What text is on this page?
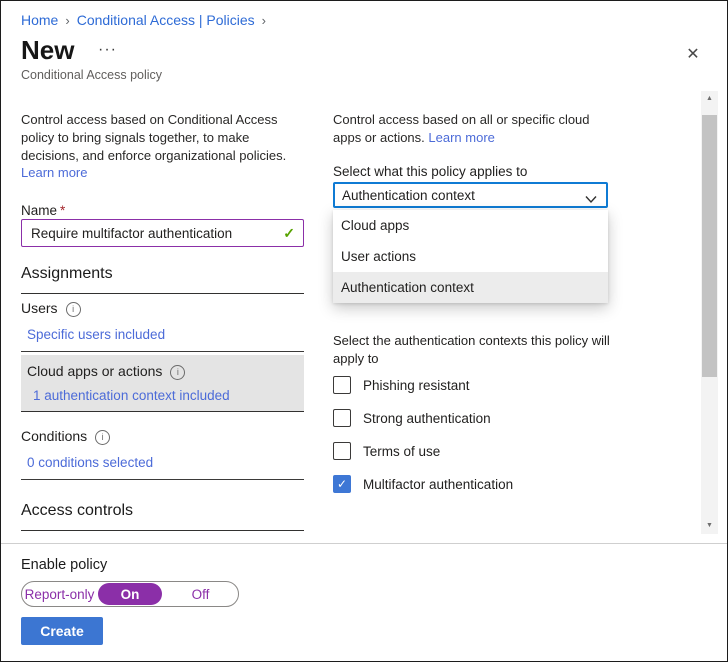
Home › Conditional Access | Policies ›
New ···	✕
Conditional Access policy
Control access based on Conditional Access policy to bring signals together, to make decisions, and enforce organizational policies.
Learn more
Name *
Require multifactor authentication	✓
Assignments
Users i
Specific users included
Cloud apps or actions i
1 authentication context included
Conditions i
0 conditions selected
Access controls
Control access based on all or specific cloud apps or actions. Learn more
Select what this policy applies to
Authentication context
Cloud apps
User actions
Authentication context
Select the authentication contexts this policy will apply to
Phishing resistant
Strong authentication
Terms of use
✓ Multifactor authentication
▲
▼
Enable policy
Report-only	On	Off
Create
